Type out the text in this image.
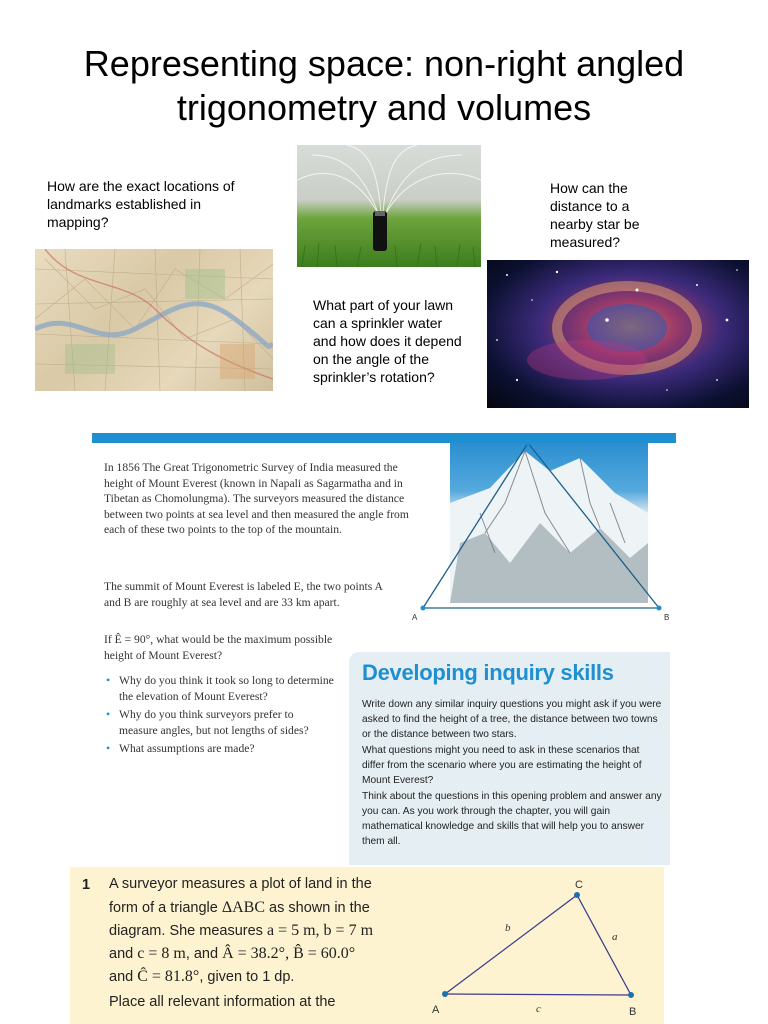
Representing space: non-right angled
trigonometry and volumes
How are the exact locations of landmarks established in mapping?
What part of your lawn can a sprinkler water and how does it depend on the angle of the sprinkler’s rotation?
How can the distance to a nearby star be measured?
In 1856 The Great Trigonometric Survey of India measured the height of Mount Everest (known in Napali as Sagarmatha and in Tibetan as Chomolungma). The surveyors measured the distance between two points at sea level and then measured the angle from each of these two points to the top of the mountain.
The summit of Mount Everest is labeled E, the two points A and B are roughly at sea level and are 33 km apart.
If Ê = 90°, what would be the maximum possible height of Mount Everest?
• Why do you think it took so long to determine the elevation of Mount Everest?
• Why do you think surveyors prefer to measure angles, but not lengths of sides?
• What assumptions are made?
A	B
Developing inquiry skills
Write down any similar inquiry questions you might ask if you were asked to find the height of a tree, the distance between two towns or the distance between two stars.
What questions might you need to ask in these scenarios that differ from the scenario where you are estimating the height of Mount Everest?
Think about the questions in this opening problem and answer any you can. As you work through the chapter, you will gain mathematical knowledge and skills that will help you to answer them all.
1 A surveyor measures a plot of land in the
form of a triangle ΔABC as shown in the
diagram. She measures a = 5 m, b = 7 m
and c = 8 m, and Â = 38.2°, B̂ = 60.0°
and Ĉ = 81.8°, given to 1 dp.
Place all relevant information at the	A	B
C
b
a
c
